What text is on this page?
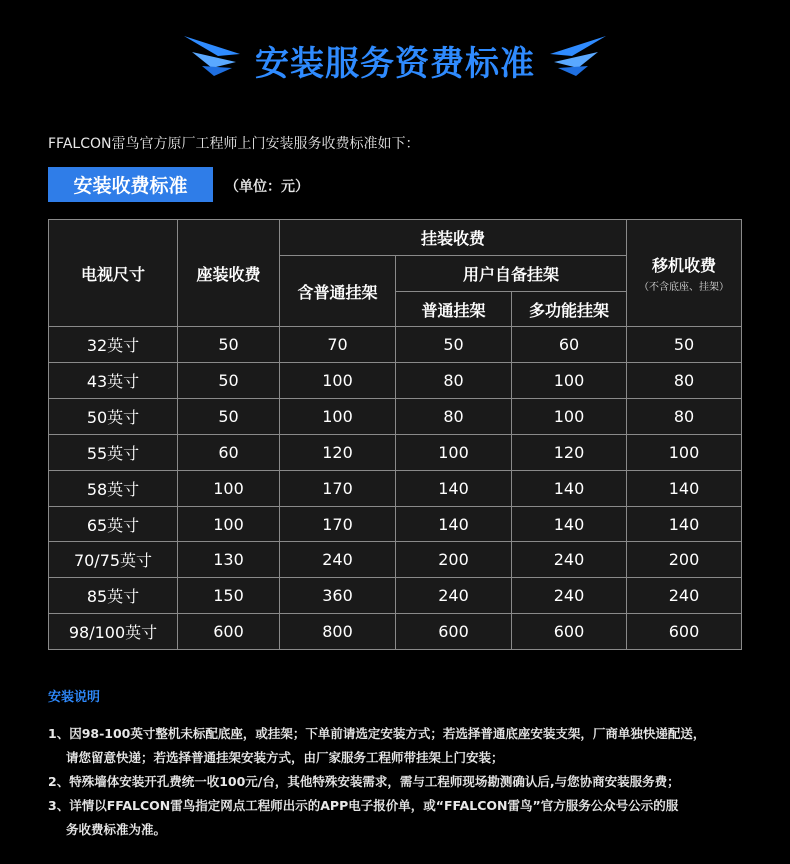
安装服务资费标准
FFALCON雷鸟官方原厂工程师上门安装服务收费标准如下：
安装收费标准	（单位：元）
电视尺寸	座装收费
挂装收费
含普通挂架
用户自备挂架
普通挂架	多功能挂架
移机收费
（不含底座、挂架）
32英寸	50	70	50	60	50
43英寸	50	100	80	100	80
50英寸	50	100	80	100	80
55英寸	60	120	100	120	100
58英寸	100	170	140	140	140
65英寸	100	170	140	140	140
70/75英寸	130	240	200	240	200
85英寸	150	360	240	240	240
98/100英寸	600	800	600	600	600
安装说明
1、因98-100英寸整机未标配底座，或挂架；下单前请选定安装方式；若选择普通底座安装支架，厂商单独快递配送，
请您留意快递；若选择普通挂架安装方式，由厂家服务工程师带挂架上门安装；
2、特殊墙体安装开孔费统一收100元/台，其他特殊安装需求，需与工程师现场勘测确认后,与您协商安装服务费；
3、详情以FFALCON雷鸟指定网点工程师出示的APP电子报价单，或“FFALCON雷鸟”官方服务公众号公示的服
务收费标准为准。
